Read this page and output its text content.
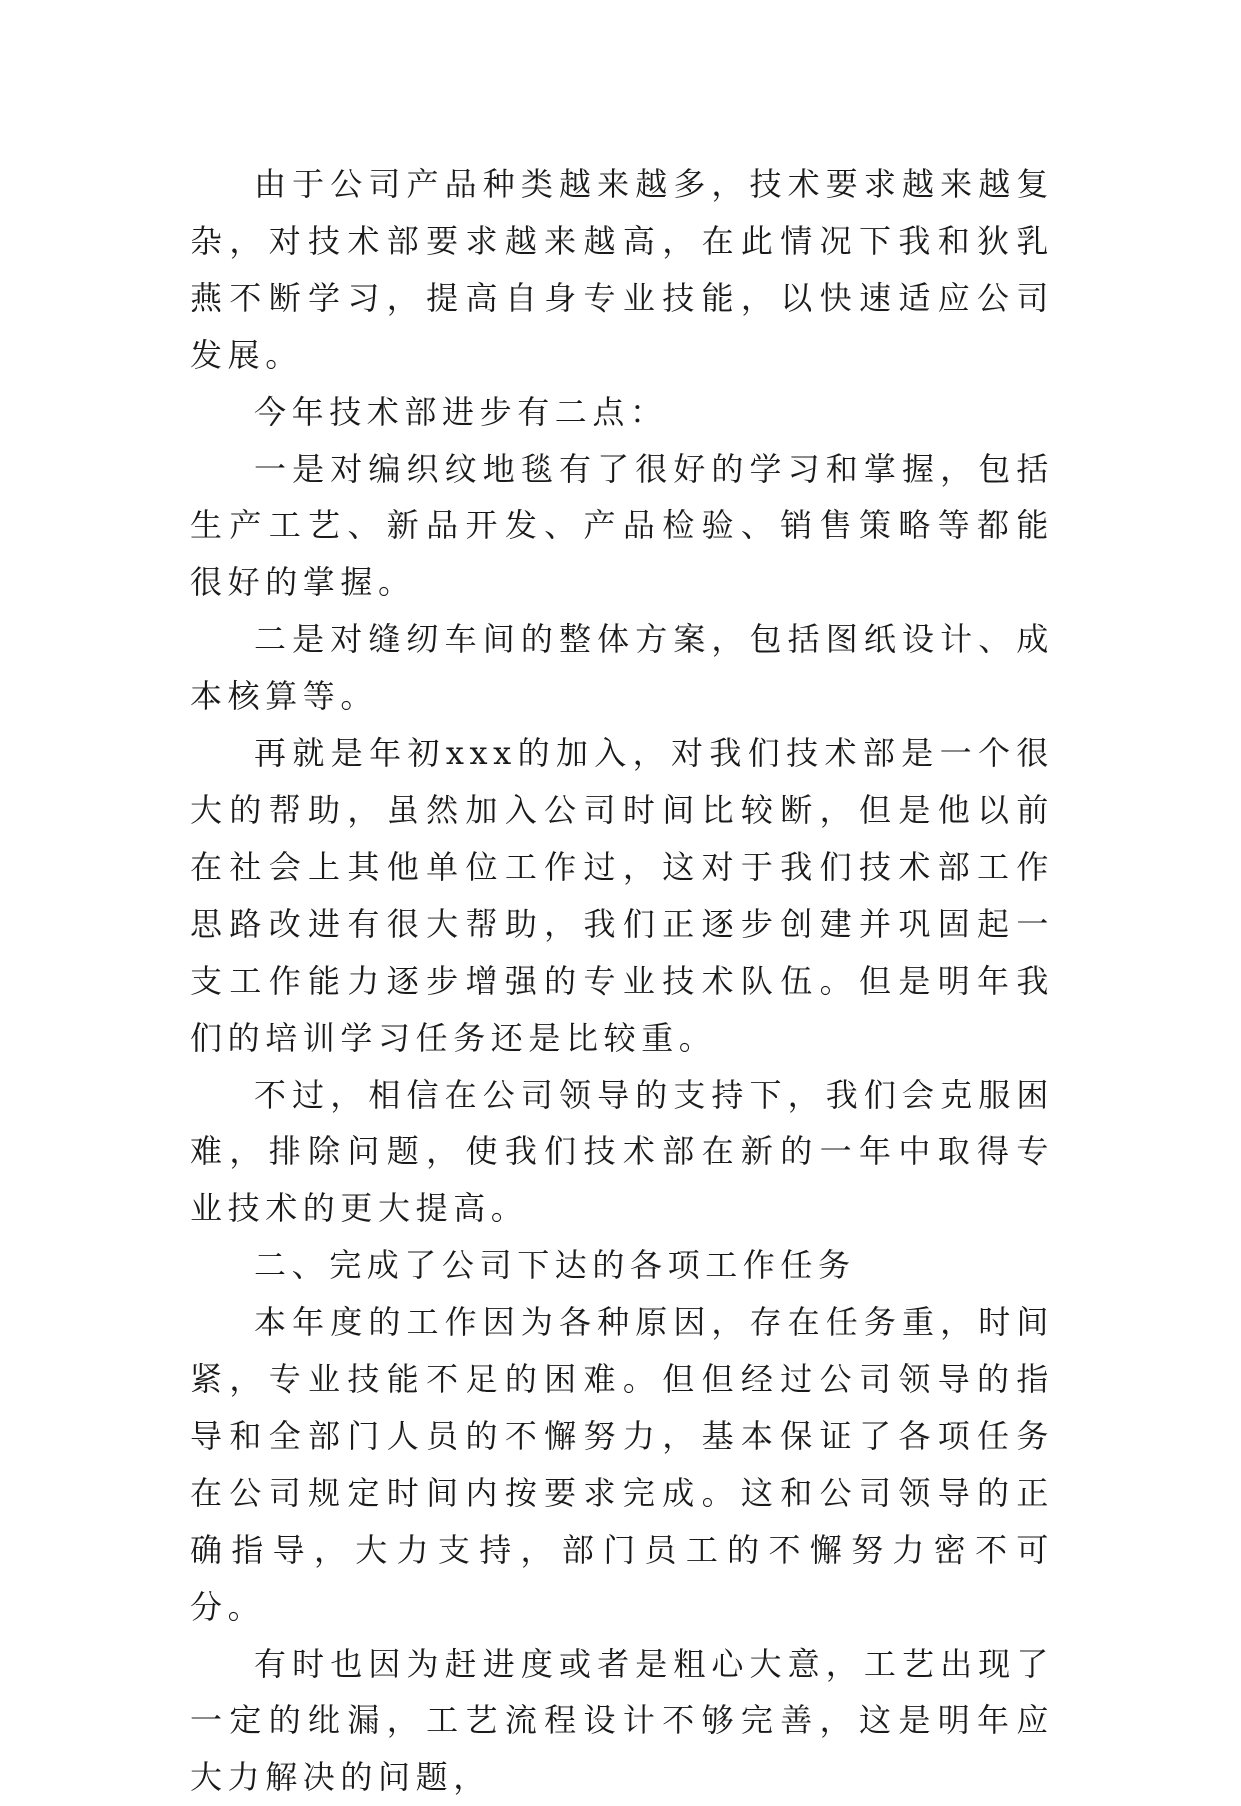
由于公司产品种类越来越多，技术要求越来越复杂，对技术部要求越来越高，在此情况下我和狄乳燕不断学习，提高自身专业技能，以快速适应公司发展。

今年技术部进步有二点：

一是对编织纹地毯有了很好的学习和掌握，包括生产工艺、新品开发、产品检验、销售策略等都能很好的掌握。

二是对缝纫车间的整体方案，包括图纸设计、成本核算等。

再就是年初xxx的加入，对我们技术部是一个很大的帮助，虽然加入公司时间比较断，但是他以前在社会上其他单位工作过，这对于我们技术部工作思路改进有很大帮助，我们正逐步创建并巩固起一支工作能力逐步增强的专业技术队伍。但是明年我们的培训学习任务还是比较重。

不过，相信在公司领导的支持下，我们会克服困难，排除问题，使我们技术部在新的一年中取得专业技术的更大提高。

二、完成了公司下达的各项工作任务

本年度的工作因为各种原因，存在任务重，时间紧，专业技能不足的困难。但但经过公司领导的指导和全部门人员的不懈努力，基本保证了各项任务在公司规定时间内按要求完成。这和公司领导的正确指导，大力支持，部门员工的不懈努力密不可分。

有时也因为赶进度或者是粗心大意，工艺出现了一定的纰漏，工艺流程设计不够完善，这是明年应大力解决的问题，
